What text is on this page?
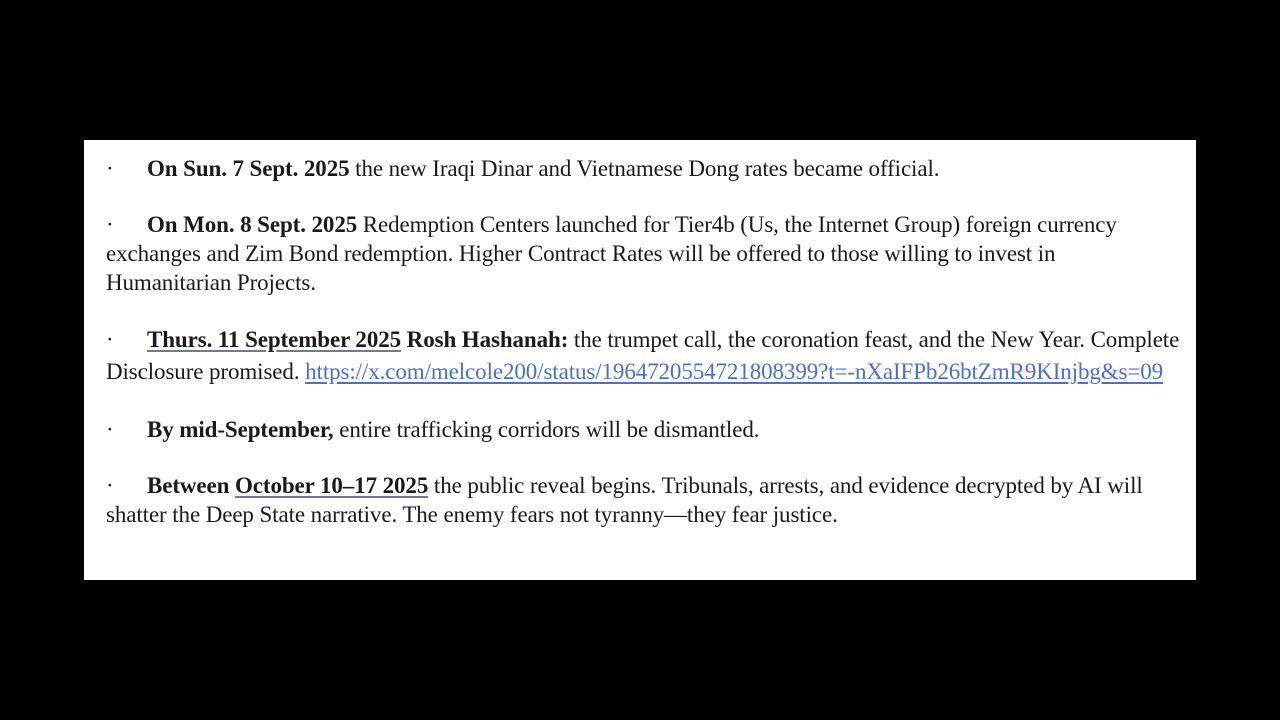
· On Sun. 7 Sept. 2025 the new Iraqi Dinar and Vietnamese Dong rates became official.

· On Mon. 8 Sept. 2025 Redemption Centers launched for Tier4b (Us, the Internet Group) foreign currency exchanges and Zim Bond redemption. Higher Contract Rates will be offered to those willing to invest in Humanitarian Projects.

· Thurs. 11 September 2025 Rosh Hashanah: the trumpet call, the coronation feast, and the New Year. Complete Disclosure promised. https://x.com/melcole200/status/1964720554721808399?t=-nXaIFPb26btZmR9KInjbg&s=09

· By mid-September, entire trafficking corridors will be dismantled.

· Between October 10–17 2025 the public reveal begins. Tribunals, arrests, and evidence decrypted by AI will shatter the Deep State narrative. The enemy fears not tyranny—they fear justice.
